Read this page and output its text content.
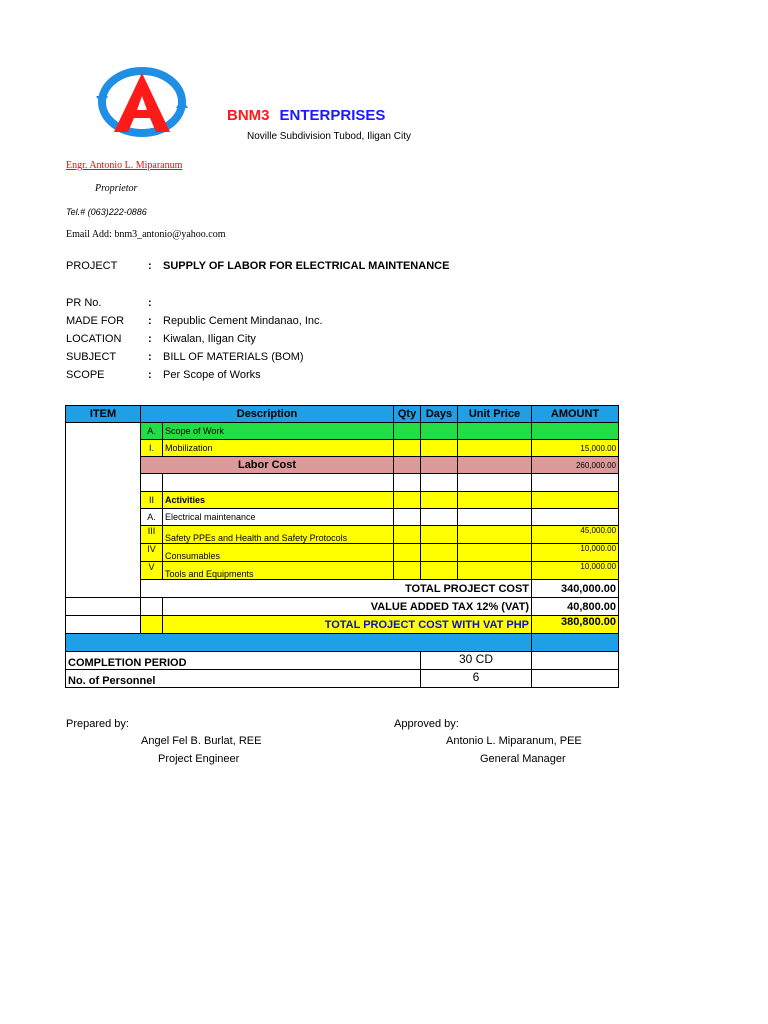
BNM3 ENTERPRISES
Noville Subdivision Tubod, Iligan City
Engr. Antonio L. Miparanum
Proprietor
Tel.# (063)222-0886
Email Add: bnm3_antonio@yahoo.com
PROJECT	: SUPPLY OF LABOR FOR ELECTRICAL MAINTENANCE
PR No.	:
MADE FOR : Republic Cement Mindanao, Inc.
LOCATION : Kiwalan, Iligan City
SUBJECT	: BILL OF MATERIALS (BOM)
SCOPE	: Per Scope of Works
ITEM	Description		Qty	Days	Unit Price	AMOUNT
	A.	Scope of Work				
	I.	Mobilization				15,000.00
	Labor Cost					260,000.00

	II	Activities				
	A.	Electrical maintenance				
	III	Safety PPEs and Health and Safety Protocols				45,000.00
	IV	Consumables				10,000.00
	V	Tools and Equipments				10,000.00
	TOTAL PROJECT COST					340,000.00
		VALUE ADDED TAX 12% (VAT)				40,800.00
		TOTAL PROJECT COST WITH VAT PHP				380,800.00

COMPLETION PERIOD				30 CD		
No. of Personnel				6		
Prepared by:
Angel Fel B. Burlat, REE
Project Engineer
Approved by:
Antonio L. Miparanum, PEE
General Manager
